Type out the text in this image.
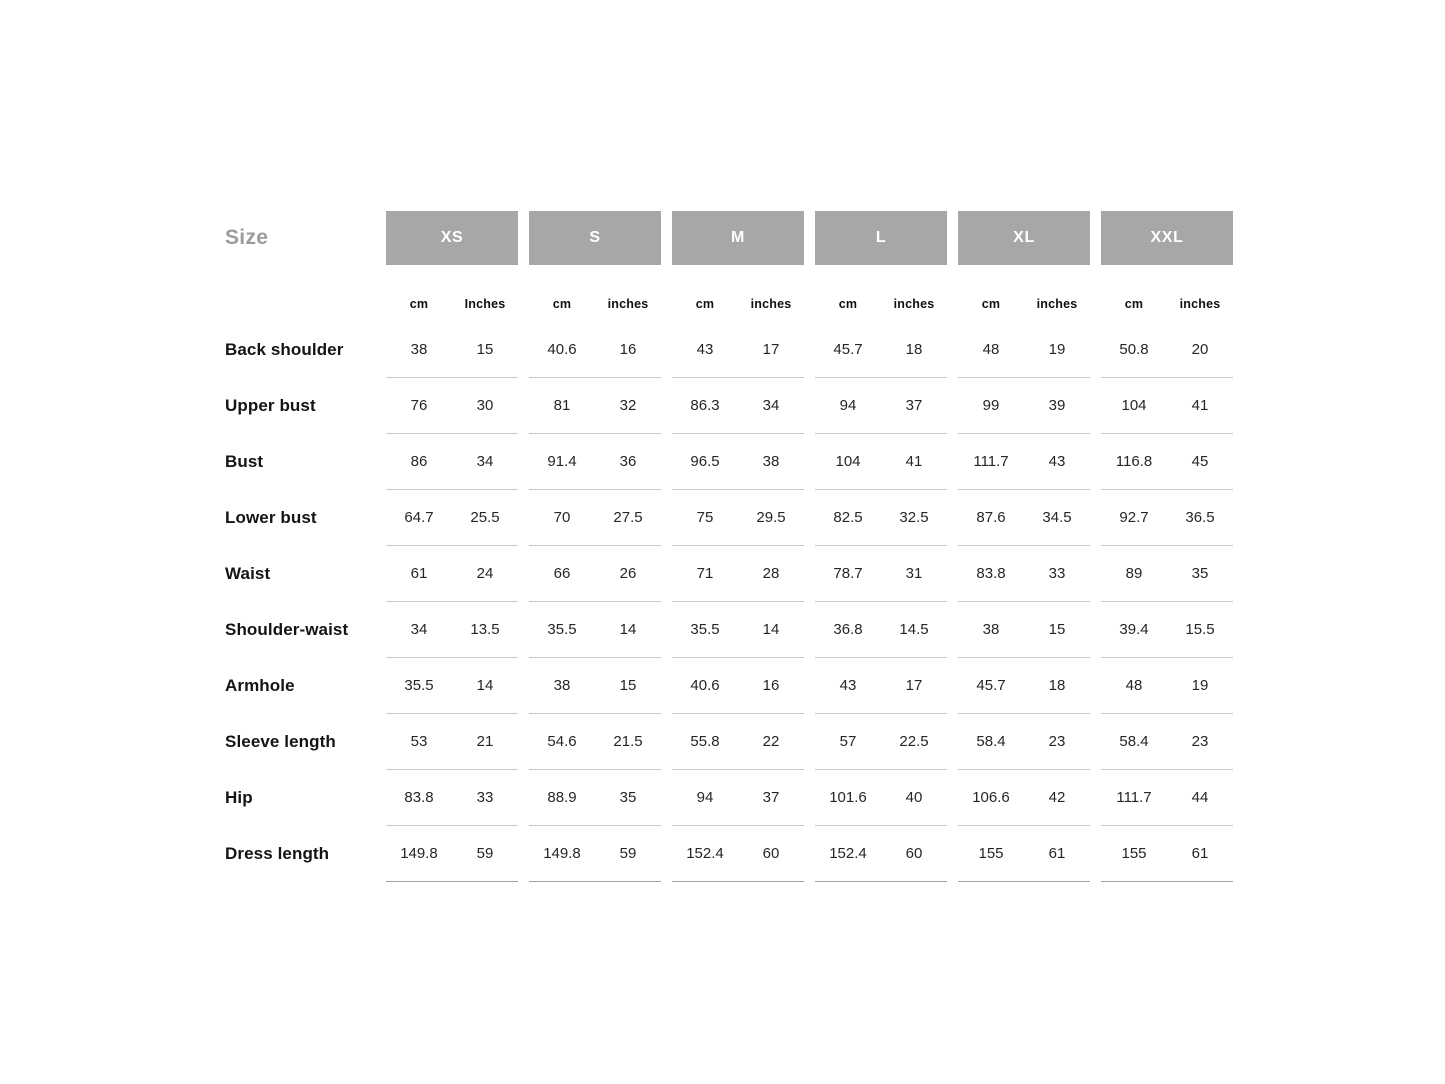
Size	XS	S	M	L	XL	XXL
cm	Inches	cm	inches	cm	inches	cm	inches	cm	inches	cm	inches
Back shoulder	38	15	40.6	16	43	17	45.7	18	48	19	50.8	20
Upper bust	76	30	81	32	86.3	34	94	37	99	39	104	41
Bust	86	34	91.4	36	96.5	38	104	41	111.7	43	116.8	45
Lower bust	64.7	25.5	70	27.5	75	29.5	82.5	32.5	87.6	34.5	92.7	36.5
Waist	61	24	66	26	71	28	78.7	31	83.8	33	89	35
Shoulder-waist	34	13.5	35.5	14	35.5	14	36.8	14.5	38	15	39.4	15.5
Armhole	35.5	14	38	15	40.6	16	43	17	45.7	18	48	19
Sleeve length	53	21	54.6	21.5	55.8	22	57	22.5	58.4	23	58.4	23
Hip	83.8	33	88.9	35	94	37	101.6	40	106.6	42	111.7	44
Dress length	149.8	59	149.8	59	152.4	60	152.4	60	155	61	155	61
